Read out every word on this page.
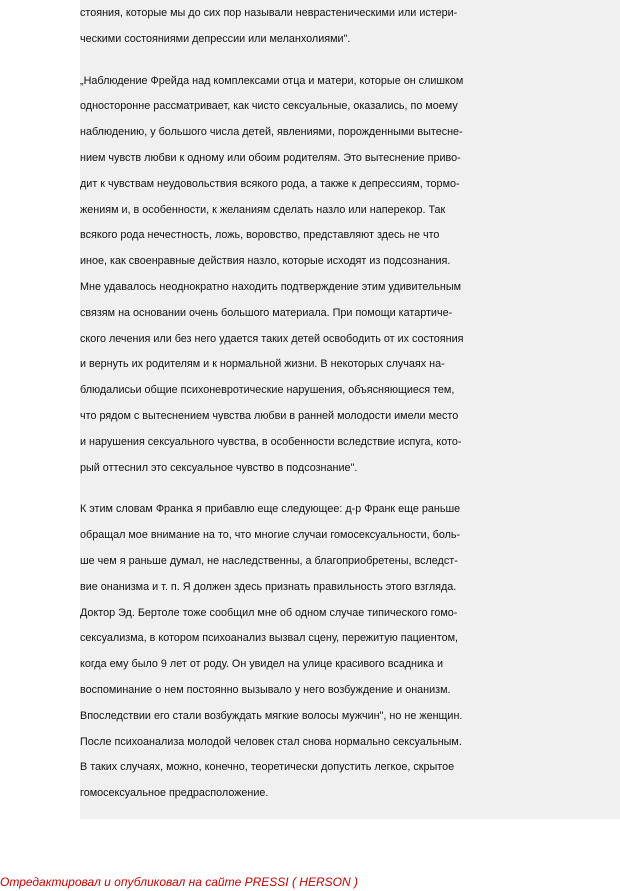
стояния, которые мы до сих пор называли неврастеническими или истери-
ческими состояниями депрессии или меланхолиями".

„Наблюдение Фрейда над комплексами отца и матери, которые он слишком
односторонне рассматривает, как чисто сексуальные, оказались, по моему
наблюдению, у большого числа детей, явлениями, порожденными вытесне-
нием чувств любви к одному или обоим родителям. Это вытеснение приво-
дит к чувствам неудовольствия всякого рода, а также к депрессиям, тормо-
жениям и, в особенности, к желаниям сделать назло или наперекор. Так
всякого рода нечестность, ложь, воровство, представляют здесь не что
иное, как своенравные действия назло, которые исходят из подсознания.
Мне удавалось неоднократно находить подтверждение этим удивительным
связям на основании очень большого материала. При помощи катартиче-
ского лечения или без него удается таких детей освободить от их состояния
и вернуть их родителям и к нормальной жизни. В некоторых случаях на-
блюдалисьи общие психоневротические нарушения, объясняющиеся тем,
что рядом с вытеснением чувства любви в ранней молодости имели место
и нарушения сексуального чувства, в особенности вследствие испуга, кото-
рый оттеснил это сексуальное чувство в подсознание".

К этим словам Франка я прибавлю еще следующее: д-р Франк еще раньше
обращал мое внимание на то, что многие случаи гомосексуальности, боль-
ше чем я раньше думал, не наследственны, а благоприобретены, вследст-
вие онанизма и т. п. Я должен здесь признать правильность этого взгляда.
Доктор Эд. Бертоле тоже сообщил мне об одном случае типического гомо-
сексуализма, в котором психоанализ вызвал сцену, пережитую пациентом,
когда ему было 9 лет от роду. Он увидел на улице красивого всадника и
воспоминание о нем постоянно вызывало у него возбуждение и онанизм.
Впоследствии его стали возбуждать мягкие волосы мужчин", но не женщин.
После психоанализа молодой человек стал снова нормально сексуальным.
В таких случаях, можно, конечно, теоретически допустить легкое, скрытое
гомосексуальное предрасположение.

Отредактировал и опубликовал на сайте PRESSI ( HERSON )
